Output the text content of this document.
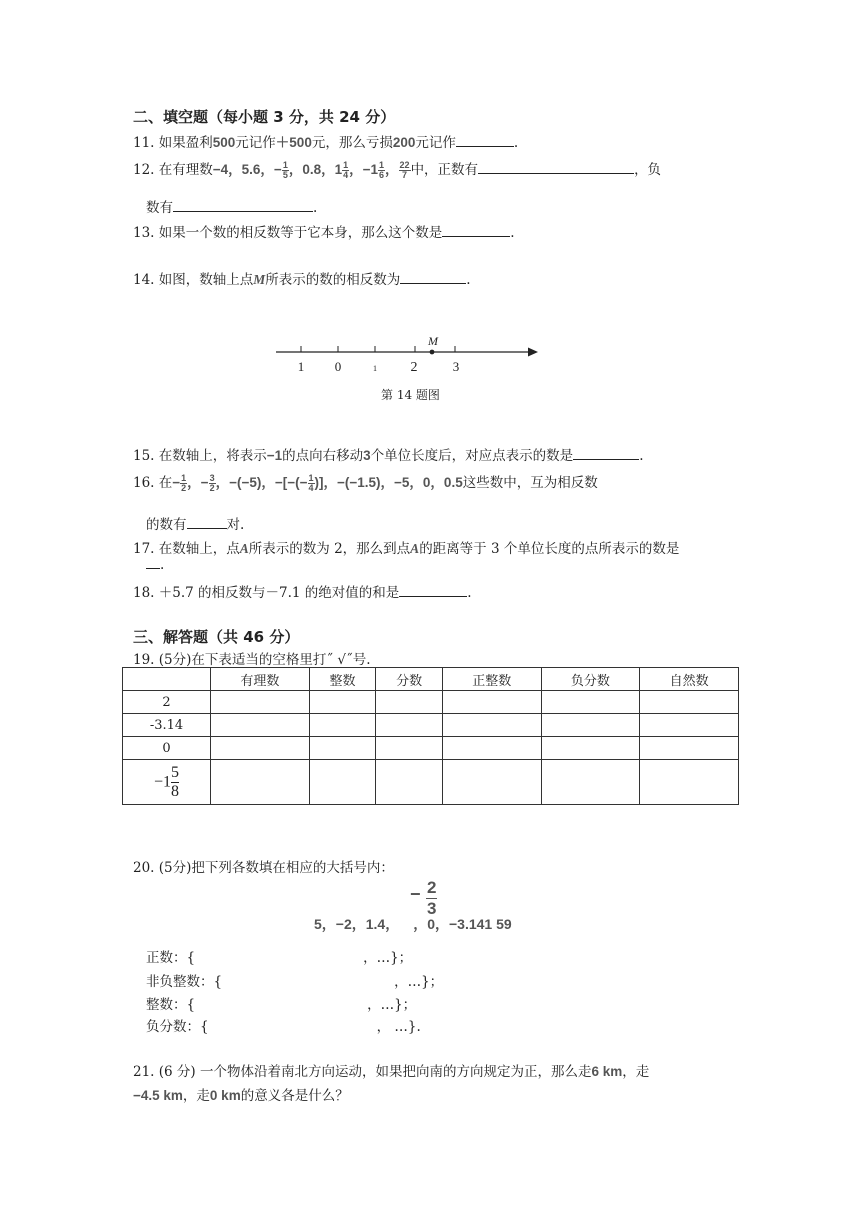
二、填空题（每小题 3 分，共 24 分）
11. 如果盈利500元记作＋500元，那么亏损200元记作	.
12. 在有理数−4，5.6，− $\frac{1}{5}$ ，0.8，$1 \frac{1}{4}$ ，$-1 \frac{1}{6}$ ， $\frac{22}{7}$ 中，正数有	，负
数有	.
13. 如果一个数的相反数等于它本身，那么这个数是	.
14. 如图，数轴上点M所表示的数的相反数为	.
M
1 0	1 2	3
第 14 题图
15. 在数轴上，将表示−1的点向右移动3个单位长度后，对应点表示的数是	.
16. 在− $\frac{1}{2}$ ，− $\frac{3}{2}$ ，−(−5)，−[−(− $\frac{1}{4}$ )]，−(−1.5)，−5，0，0.5这些数中，互为相反数
的数有	对.
17. 在数轴上，点A所表示的数为 2，那么到点A的距离等于 3 个单位长度的点所表示的数是
.
18. ＋5.7 的相反数与－7.1 的绝对值的和是	.
三、解答题（共 46 分）
19. (5分)在下表适当的空格里打˝ √˝号.
	有理数	整数	分数	正整数	负分数	自然数
2						
-3.14						
0						
$-1 \frac{5}{8}$

20. (5分)把下列各数填在相应的大括号内：
− 2
3
5，−2，1.4， ，0，−3.141 59
正数：{	，…}；
非负整数：{	，…}；
整数：{	，…}；
负分数：{	， …}.
21. (6 分) 一个物体沿着南北方向运动，如果把向南的方向规定为正，那么走6 km，走
−4.5 km，走0 km的意义各是什么？
